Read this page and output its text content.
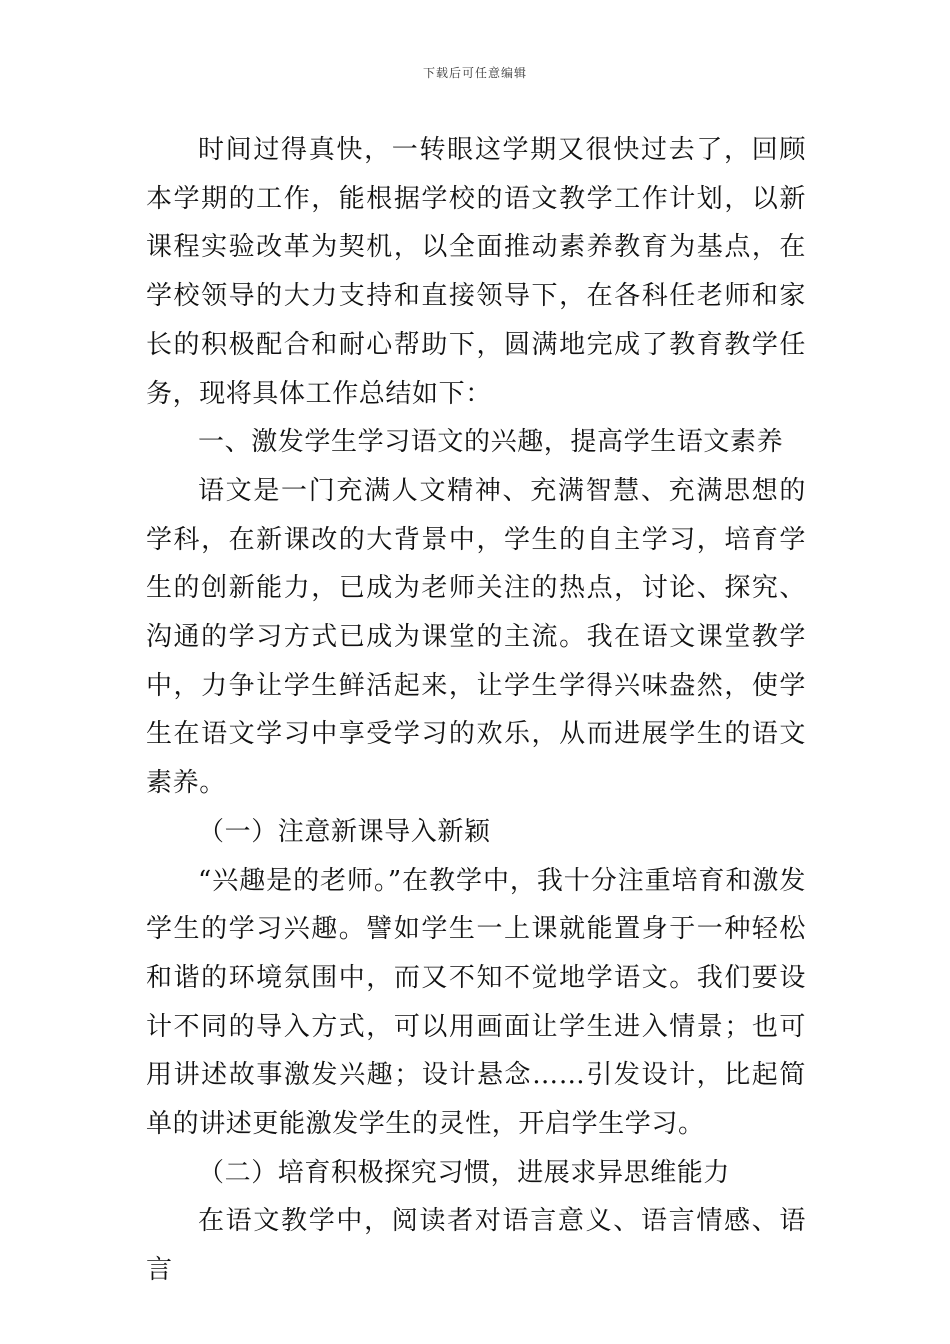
下载后可任意编辑

时间过得真快，一转眼这学期又很快过去了，回顾本学期的工作，能根据学校的语文教学工作计划，以新课程实验改革为契机，以全面推动素养教育为基点，在学校领导的大力支持和直接领导下，在各科任老师和家长的积极配合和耐心帮助下，圆满地完成了教育教学任务，现将具体工作总结如下：

一、激发学生学习语文的兴趣，提高学生语文素养

语文是一门充满人文精神、充满智慧、充满思想的学科，在新课改的大背景中，学生的自主学习，培育学生的创新能力，已成为老师关注的热点，讨论、探究、沟通的学习方式已成为课堂的主流。我在语文课堂教学中，力争让学生鲜活起来，让学生学得兴味盎然，使学生在语文学习中享受学习的欢乐，从而进展学生的语文素养。

（一）注意新课导入新颖

“兴趣是的老师。”在教学中，我十分注重培育和激发学生的学习兴趣。譬如学生一上课就能置身于一种轻松和谐的环境氛围中，而又不知不觉地学语文。我们要设计不同的导入方式，可以用画面让学生进入情景；也可用讲述故事激发兴趣；设计悬念……引发设计，比起简单的讲述更能激发学生的灵性，开启学生学习。

（二）培育积极探究习惯，进展求异思维能力

在语文教学中，阅读者对语言意义、语言情感、语言
